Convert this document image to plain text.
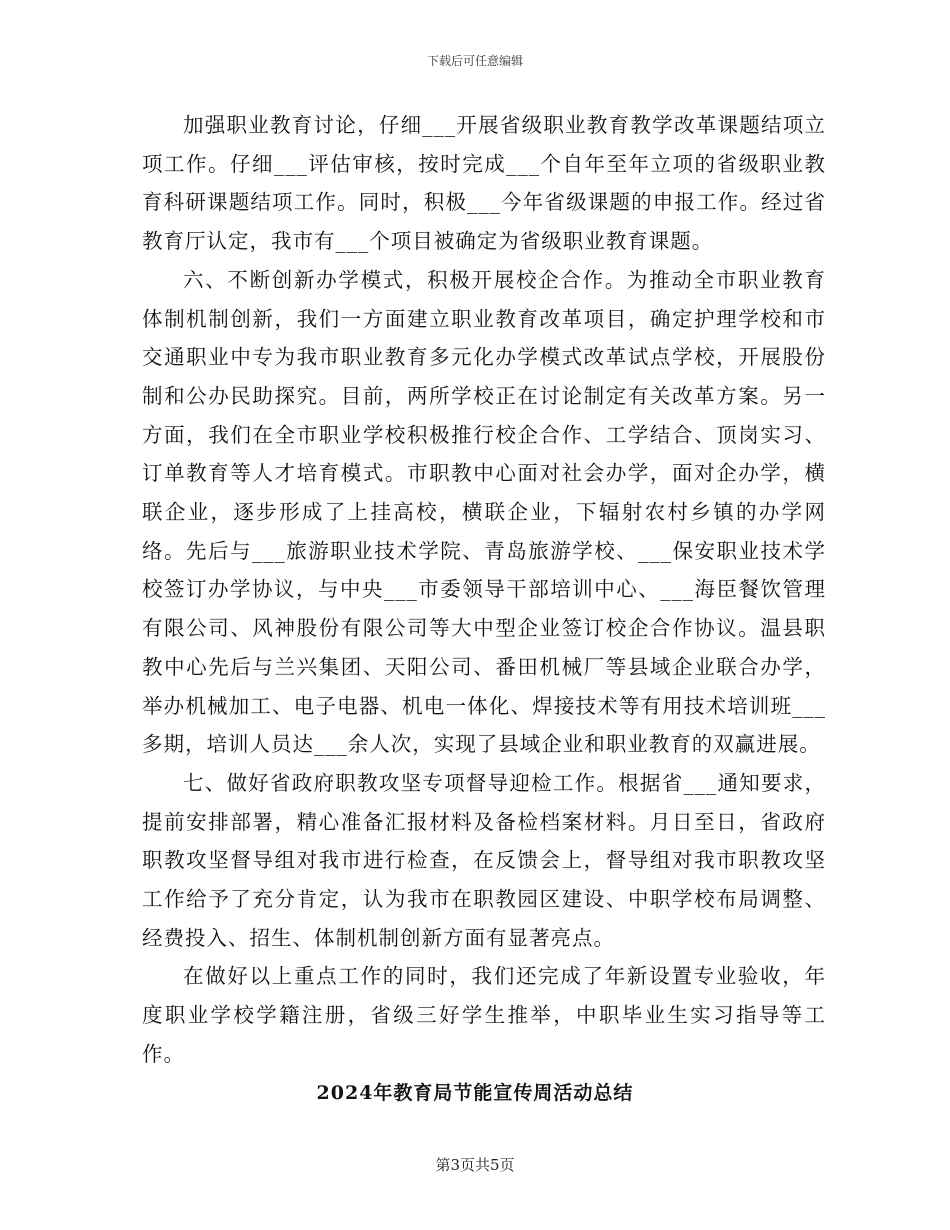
下载后可任意编辑

加强职业教育讨论，仔细___开展省级职业教育教学改革课题结项立项工作。仔细___评估审核，按时完成___个自年至年立项的省级职业教育科研课题结项工作。同时，积极___今年省级课题的申报工作。经过省教育厅认定，我市有___个项目被确定为省级职业教育课题。

六、不断创新办学模式，积极开展校企合作。为推动全市职业教育体制机制创新，我们一方面建立职业教育改革项目，确定护理学校和市交通职业中专为我市职业教育多元化办学模式改革试点学校，开展股份制和公办民助探究。目前，两所学校正在讨论制定有关改革方案。另一方面，我们在全市职业学校积极推行校企合作、工学结合、顶岗实习、订单教育等人才培育模式。市职教中心面对社会办学，面对企办学，横联企业，逐步形成了上挂高校，横联企业，下辐射农村乡镇的办学网络。先后与___旅游职业技术学院、青岛旅游学校、___保安职业技术学校签订办学协议，与中央___市委领导干部培训中心、___海臣餐饮管理有限公司、风神股份有限公司等大中型企业签订校企合作协议。温县职教中心先后与兰兴集团、天阳公司、番田机械厂等县域企业联合办学，举办机械加工、电子电器、机电一体化、焊接技术等有用技术培训班___多期，培训人员达___余人次，实现了县域企业和职业教育的双赢进展。

七、做好省政府职教攻坚专项督导迎检工作。根据省___通知要求，提前安排部署，精心准备汇报材料及备检档案材料。月日至日，省政府职教攻坚督导组对我市进行检查，在反馈会上，督导组对我市职教攻坚工作给予了充分肯定，认为我市在职教园区建设、中职学校布局调整、经费投入、招生、体制机制创新方面有显著亮点。

在做好以上重点工作的同时，我们还完成了年新设置专业验收，年度职业学校学籍注册，省级三好学生推举，中职毕业生实习指导等工作。

2024年教育局节能宣传周活动总结
第3页共5页
